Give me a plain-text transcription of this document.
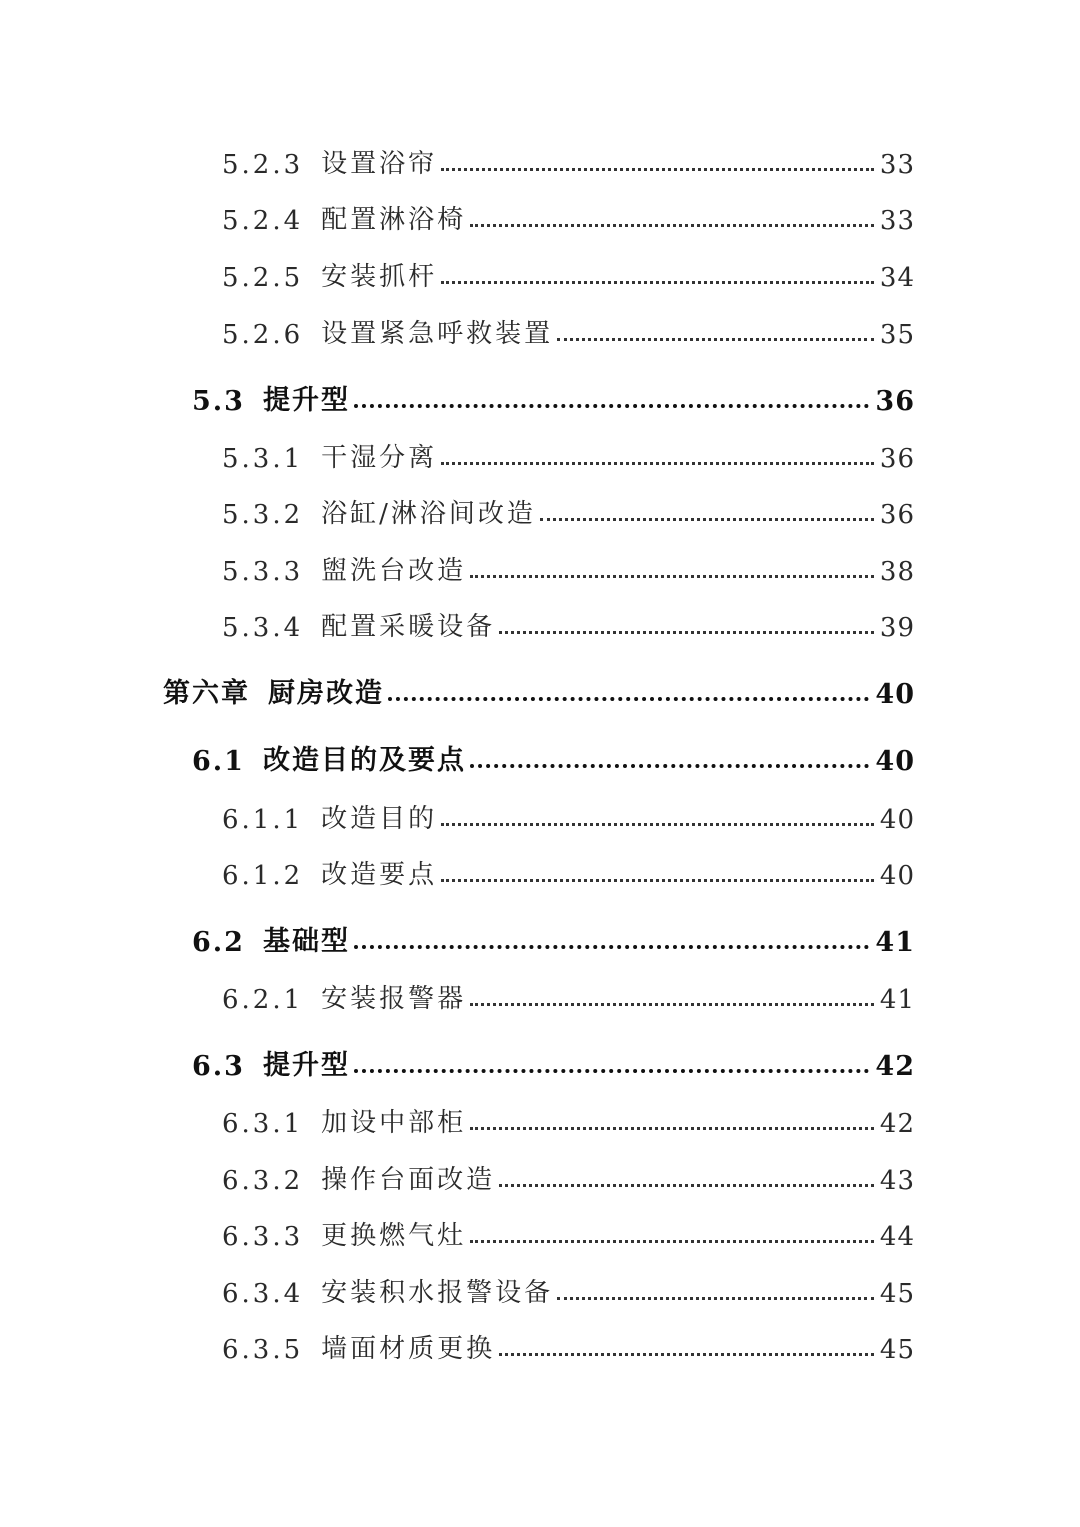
5.2.3 设置浴帘	33
5.2.4 配置淋浴椅	33
5.2.5 安装抓杆	34
5.2.6 设置紧急呼救装置	35
5.3 提升型	36
5.3.1 干湿分离	36
5.3.2 浴缸/淋浴间改造	36
5.3.3 盥洗台改造	38
5.3.4 配置采暖设备	39
第六章 厨房改造	40
6.1 改造目的及要点	40
6.1.1 改造目的	40
6.1.2 改造要点	40
6.2 基础型	41
6.2.1 安装报警器	41
6.3 提升型	42
6.3.1 加设中部柜	42
6.3.2 操作台面改造	43
6.3.3 更换燃气灶	44
6.3.4 安装积水报警设备	45
6.3.5 墙面材质更换	45
